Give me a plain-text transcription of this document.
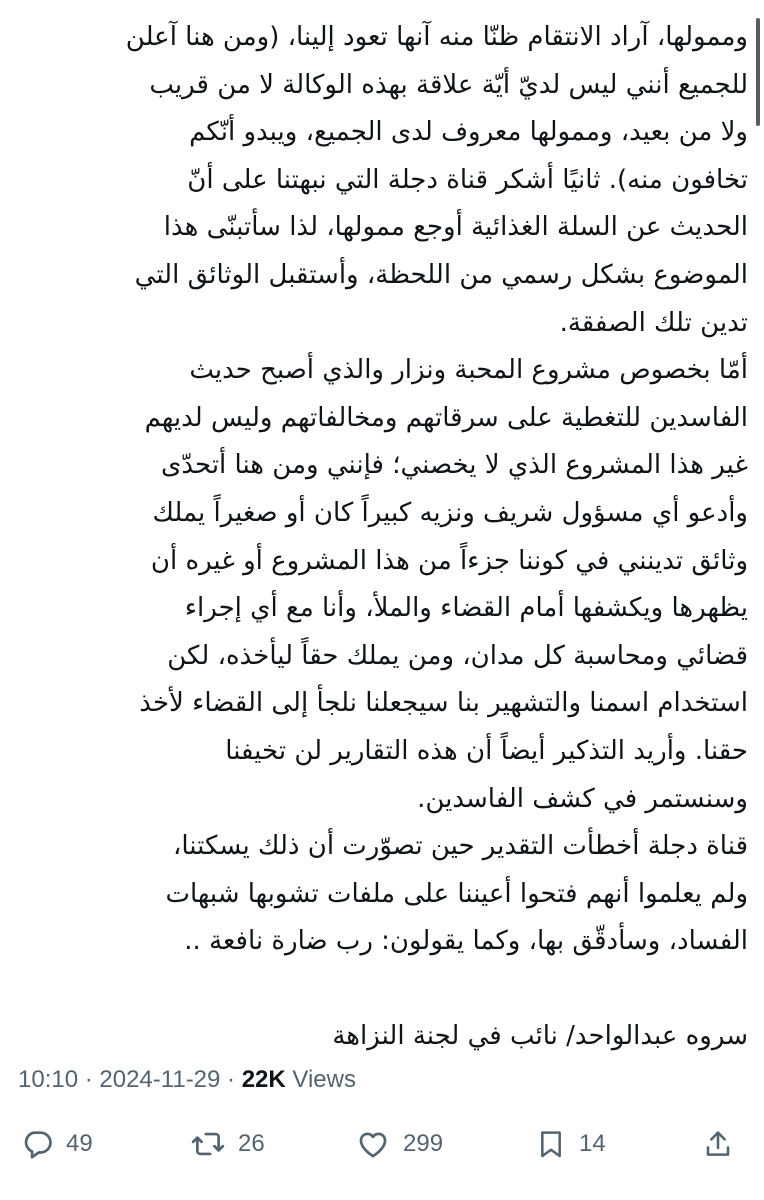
وممولها، آراد الانتقام ظنّا منه آنها تعود إلينا، (ومن هنا آعلن
للجميع أنني ليس لديّ أيّة علاقة بهذه الوكالة لا من قريب
ولا من بعيد، وممولها معروف لدى الجميع، ويبدو أنّكم
تخافون منه). ثانيًا أشكر قناة دجلة التي نبهتنا على أنّ
الحديث عن السلة الغذائية أوجع ممولها، لذا سأتبنّى هذا
الموضوع بشكل رسمي من اللحظة، وأستقبل الوثائق التي
تدين تلك الصفقة.
أمّا بخصوص مشروع المحبة ونزار والذي أصبح حديث
الفاسدين للتغطية على سرقاتهم ومخالفاتهم وليس لديهم
غير هذا المشروع الذي لا يخصني؛ فإنني ومن هنا أتحدّى
وأدعو أي مسؤول شريف ونزيه كبيراً كان أو صغيراً يملك
وثائق تدينني في كوننا جزءاً من هذا المشروع أو غيره أن
يظهرها ويكشفها أمام القضاء والملأ، وأنا مع أي إجراء
قضائي ومحاسبة كل مدان، ومن يملك حقاً ليأخذه، لكن
استخدام اسمنا والتشهير بنا سيجعلنا نلجأ إلى القضاء لأخذ
حقنا. وأريد التذكير أيضاً أن هذه التقارير لن تخيفنا
وسنستمر في كشف الفاسدين.
قناة دجلة أخطأت التقدير حين تصوّرت أن ذلك يسكتنا،
ولم يعلموا أنهم فتحوا أعيننا على ملفات تشوبها شبهات
الفساد، وسأدقّق بها، وكما يقولون: رب ضارة نافعة ..
سروه عبدالواحد/ نائب في لجنة النزاهة
10:10 · 2024-11-29 · 22K Views
49	26	299	14
